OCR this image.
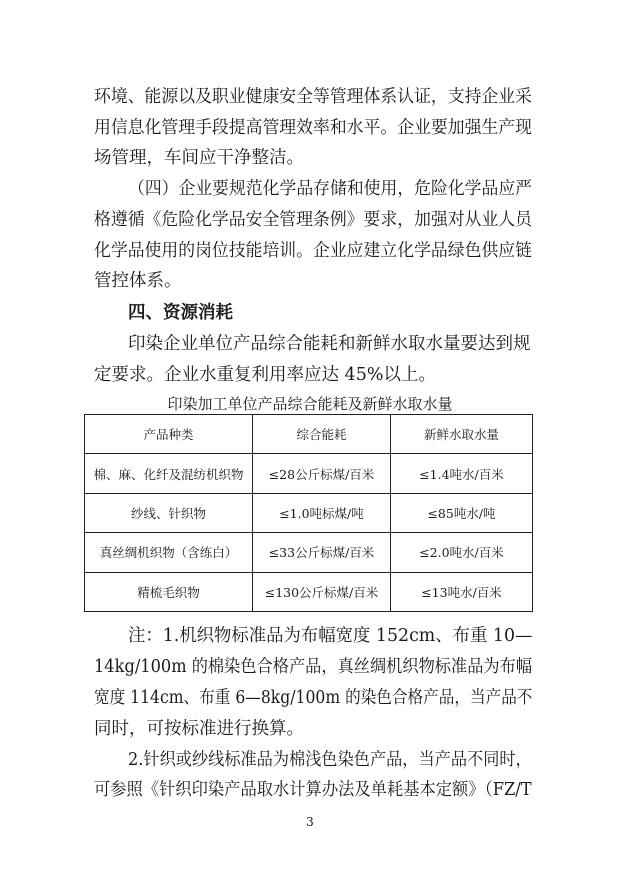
环境、能源以及职业健康安全等管理体系认证，支持企业采
用信息化管理手段提高管理效率和水平。企业要加强生产现
场管理，车间应干净整洁。
（四）企业要规范化学品存储和使用，危险化学品应严
格遵循《危险化学品安全管理条例》要求，加强对从业人员
化学品使用的岗位技能培训。企业应建立化学品绿色供应链
管控体系。
四、资源消耗
印染企业单位产品综合能耗和新鲜水取水量要达到规
定要求。企业水重复利用率应达 45%以上。
印染加工单位产品综合能耗及新鲜水取水量
产品种类	综合能耗	新鲜水取水量
棉、麻、化纤及混纺机织物	≤28公斤标煤/百米	≤1.4吨水/百米
纱线、针织物	≤1.0吨标煤/吨	≤85吨水/吨
真丝绸机织物（含练白）	≤33公斤标煤/百米	≤2.0吨水/百米
精梳毛织物	≤130公斤标煤/百米	≤13吨水/百米
注：1.机织物标准品为布幅宽度 152cm、布重 10—
14kg/100m 的棉染色合格产品，真丝绸机织物标准品为布幅
宽度 114cm、布重 6—8kg/100m 的染色合格产品，当产品不
同时，可按标准进行换算。
2.针织或纱线标准品为棉浅色染色产品，当产品不同时，
可参照《针织印染产品取水计算办法及单耗基本定额》（FZ/T
3
